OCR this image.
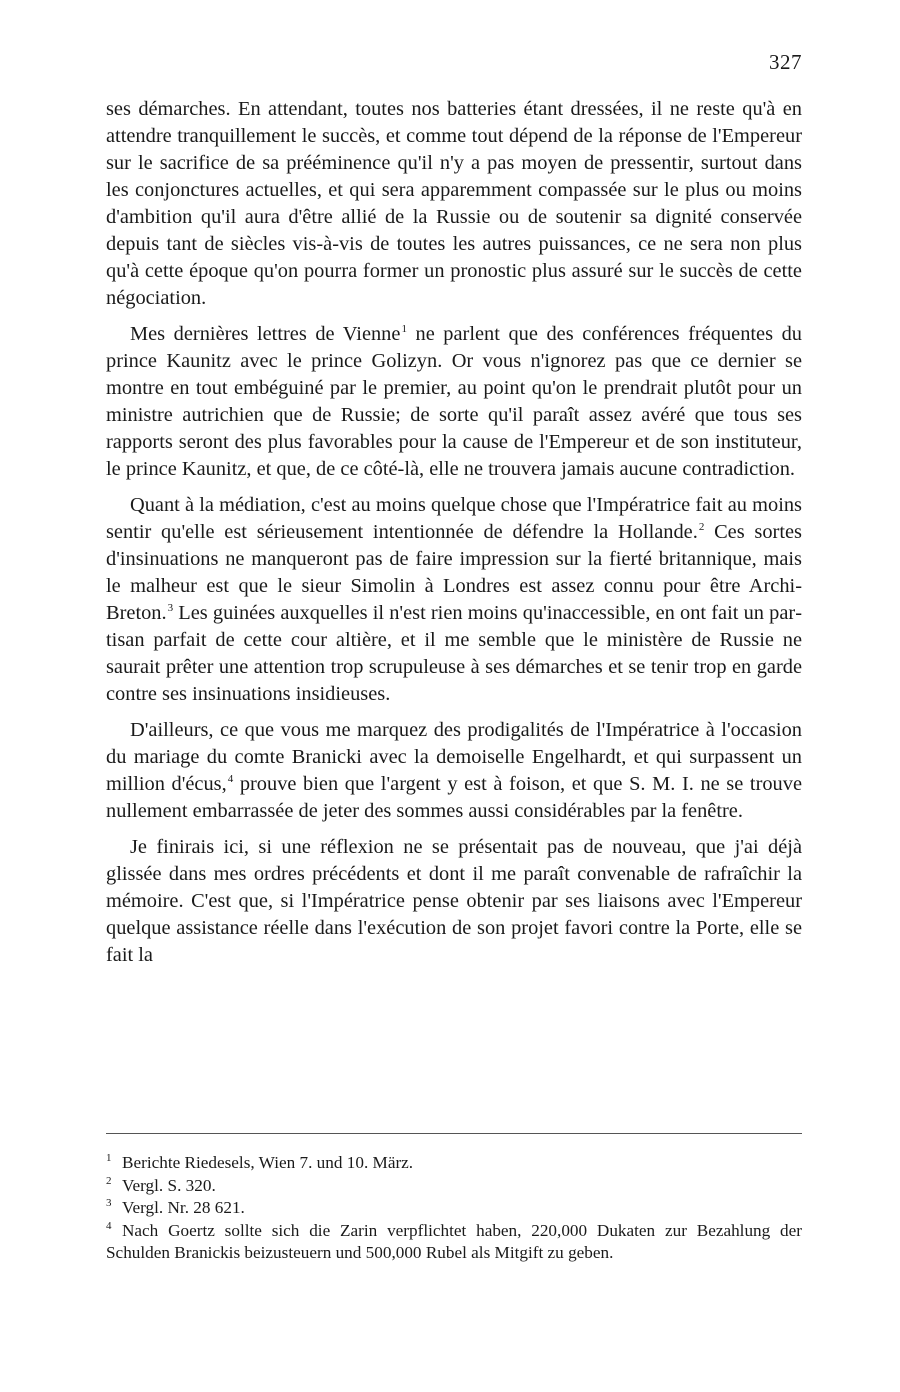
327

ses démarches. En attendant, toutes nos batteries étant dressées, il ne reste qu'à en attendre tranquillement le succès, et comme tout dépend de la réponse de l'Empereur sur le sacrifice de sa prééminence qu'il n'y a pas moyen de pressentir, surtout dans les conjonctures actuelles, et qui sera apparemment compassée sur le plus ou moins d'ambition qu'il aura d'être allié de la Russie ou de soutenir sa dignité conservée depuis tant de siècles vis-à-vis de toutes les autres puissances, ce ne sera non plus qu'à cette époque qu'on pourra former un pronostic plus assuré sur le succès de cette négociation.

Mes dernières lettres de Vienne$^1$ ne parlent que des conférences fréquentes du prince Kaunitz avec le prince Golizyn. Or vous n'ignorez pas que ce dernier se montre en tout embéguiné par le premier, au point qu'on le prendrait plutôt pour un ministre autrichien que de Russie; de sorte qu'il paraît assez avéré que tous ses rapports seront des plus favorables pour la cause de l'Empereur et de son instituteur, le prince Kaunitz, et que, de ce côté-là, elle ne trouvera jamais aucune contradiction.

Quant à la médiation, c'est au moins quelque chose que l'Impératrice fait au moins sentir qu'elle est sérieusement intentionnée de défendre la Hollande.$^2$ Ces sortes d'insinuations ne manqueront pas de faire impression sur la fierté britannique, mais le malheur est que le sieur Simolin à Londres est assez connu pour être Archi-Breton.$^3$ Les guinées auxquelles il n'est rien moins qu'inaccessible, en ont fait un partisan parfait de cette cour altière, et il me semble que le ministère de Russie ne saurait prêter une attention trop scrupuleuse à ses démarches et se tenir trop en garde contre ses insinuations insidieuses.

D'ailleurs, ce que vous me marquez des prodigalités de l'Impératrice à l'occasion du mariage du comte Branicki avec la demoiselle Engelhardt, et qui surpassent un million d'écus,$^4$ prouve bien que l'argent y est à foison, et que S. M. I. ne se trouve nullement embarrassée de jeter des sommes aussi considérables par la fenêtre.

Je finirais ici, si une réflexion ne se présentait pas de nouveau, que j'ai déjà glissée dans mes ordres précédents et dont il me paraît convenable de rafraîchir la mémoire. C'est que, si l'Impératrice pense obtenir par ses liaisons avec l'Empereur quelque assistance réelle dans l'exécution de son projet favori contre la Porte, elle se fait la

1 Berichte Riedesels, Wien 7. und 10. März.

2 Vergl. S. 320.

3 Vergl. Nr. 28 621.

4 Nach Goertz sollte sich die Zarin verpflichtet haben, 220,000 Dukaten zur Bezahlung der Schulden Branickis beizusteuern und 500,000 Rubel als Mitgift zu geben.
